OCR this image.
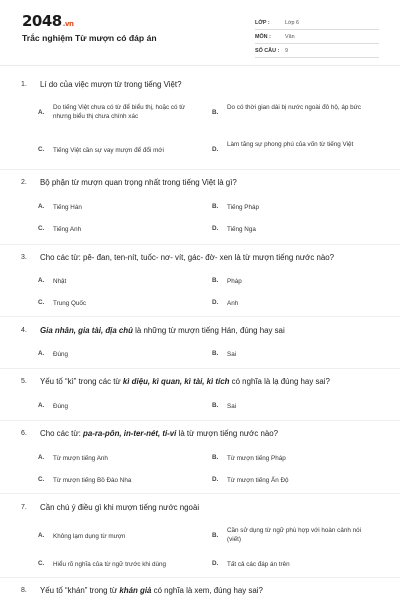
2048.vn
Trắc nghiệm Từ mượn có đáp án
LỚP :	Lớp 6
MÔN :	Văn
SỐ CÂU : 9
1. Lí do của việc mượn từ trong tiếng Việt?
A.
Do tiếng Việt chưa có từ để biểu thị, hoặc có từ nhưng biểu thị chưa chính xác
B.
Do có thời gian dài bị nước ngoài đô hộ, áp bức
C. Tiếng Việt cần sự vay mượn để đổi mới	D.
Làm tăng sự phong phú của vốn từ tiếng Việt
2. Bộ phận từ mượn quan trọng nhất trong tiếng Việt là gì?
A. Tiếng Hán	B. Tiếng Pháp
C. Tiếng Anh	D. Tiếng Nga
3. Cho các từ: pê- đan, ten-nít, tuốc- nơ- vít, gác- đờ- xen là từ mượn tiếng nước nào?
A. Nhật	B. Pháp
C. Trung Quốc	D. Anh
4. Gia nhân, gia tài, địa chủ là những từ mượn tiếng Hán, đúng hay sai
A. Đúng	B. Sai
5. Yếu tố “kì” trong các từ kì diệu, kì quan, kì tài, kì tích có nghĩa là lạ đúng hay sai?
A. Đúng	B. Sai
6. Cho các từ: pa-ra-pôn, in-ter-nét, ti-vi là từ mượn tiếng nước nào?
A. Từ mượn tiếng Anh	B. Từ mượn tiếng Pháp
C. Từ mượn tiếng Bồ Đào Nha	D. Từ mượn tiếng Ấn Độ
7. Cần chú ý điều gì khi mượn tiếng nước ngoài
A. Không lạm dụng từ mượn	B.
Cần sử dụng từ ngữ phù hợp với hoàn cảnh nói (viết)
C. Hiểu rõ nghĩa của từ ngữ trước khi dùng	D. Tất cả các đáp án trên
8. Yếu tố “khán” trong từ khán giả có nghĩa là xem, đúng hay sai?
